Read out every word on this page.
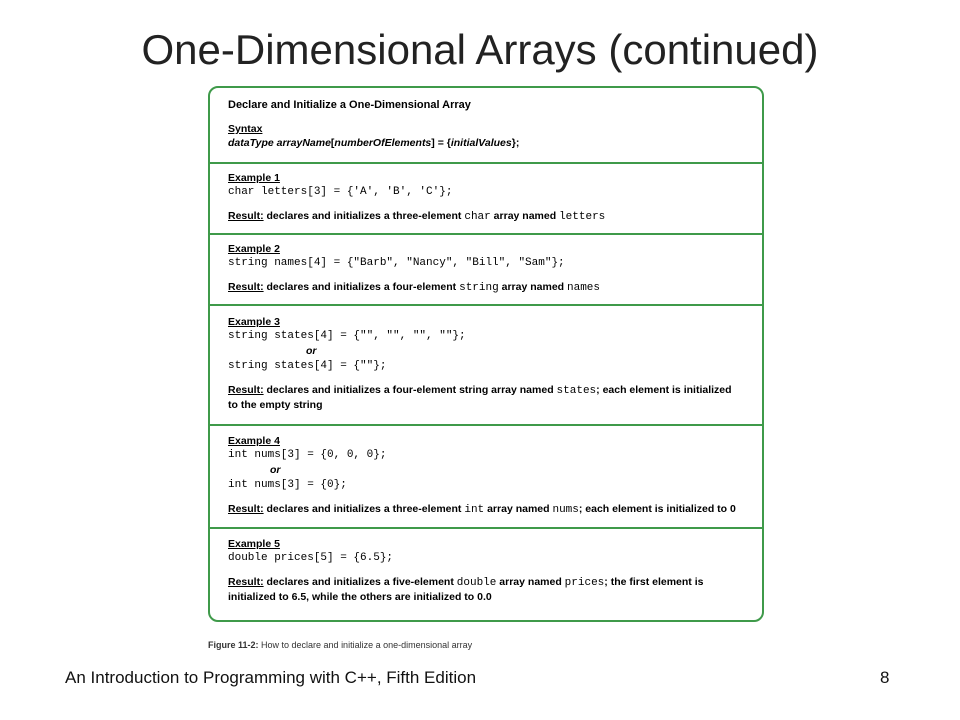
One-Dimensional Arrays (continued)
Declare and Initialize a One-Dimensional Array
Syntax
dataType arrayName[numberOfElements] = {initialValues};
Example 1
char letters[3] = {'A', 'B', 'C'};
Result: declares and initializes a three-element char array named letters
Example 2
string names[4] = {"Barb", "Nancy", "Bill", "Sam"};
Result: declares and initializes a four-element string array named names
Example 3
string states[4] = {"", "", "", ""};
or
string states[4] = {""};
Result: declares and initializes a four-element string array named states; each element is initialized
to the empty string
Example 4
int nums[3] = {0, 0, 0};
or
int nums[3] = {0};
Result: declares and initializes a three-element int array named nums; each element is initialized to 0
Example 5
double prices[5] = {6.5};
Result: declares and initializes a five-element double array named prices; the first element is
initialized to 6.5, while the others are initialized to 0.0
Figure 11-2: How to declare and initialize a one-dimensional array
An Introduction to Programming with C++, Fifth Edition	8
